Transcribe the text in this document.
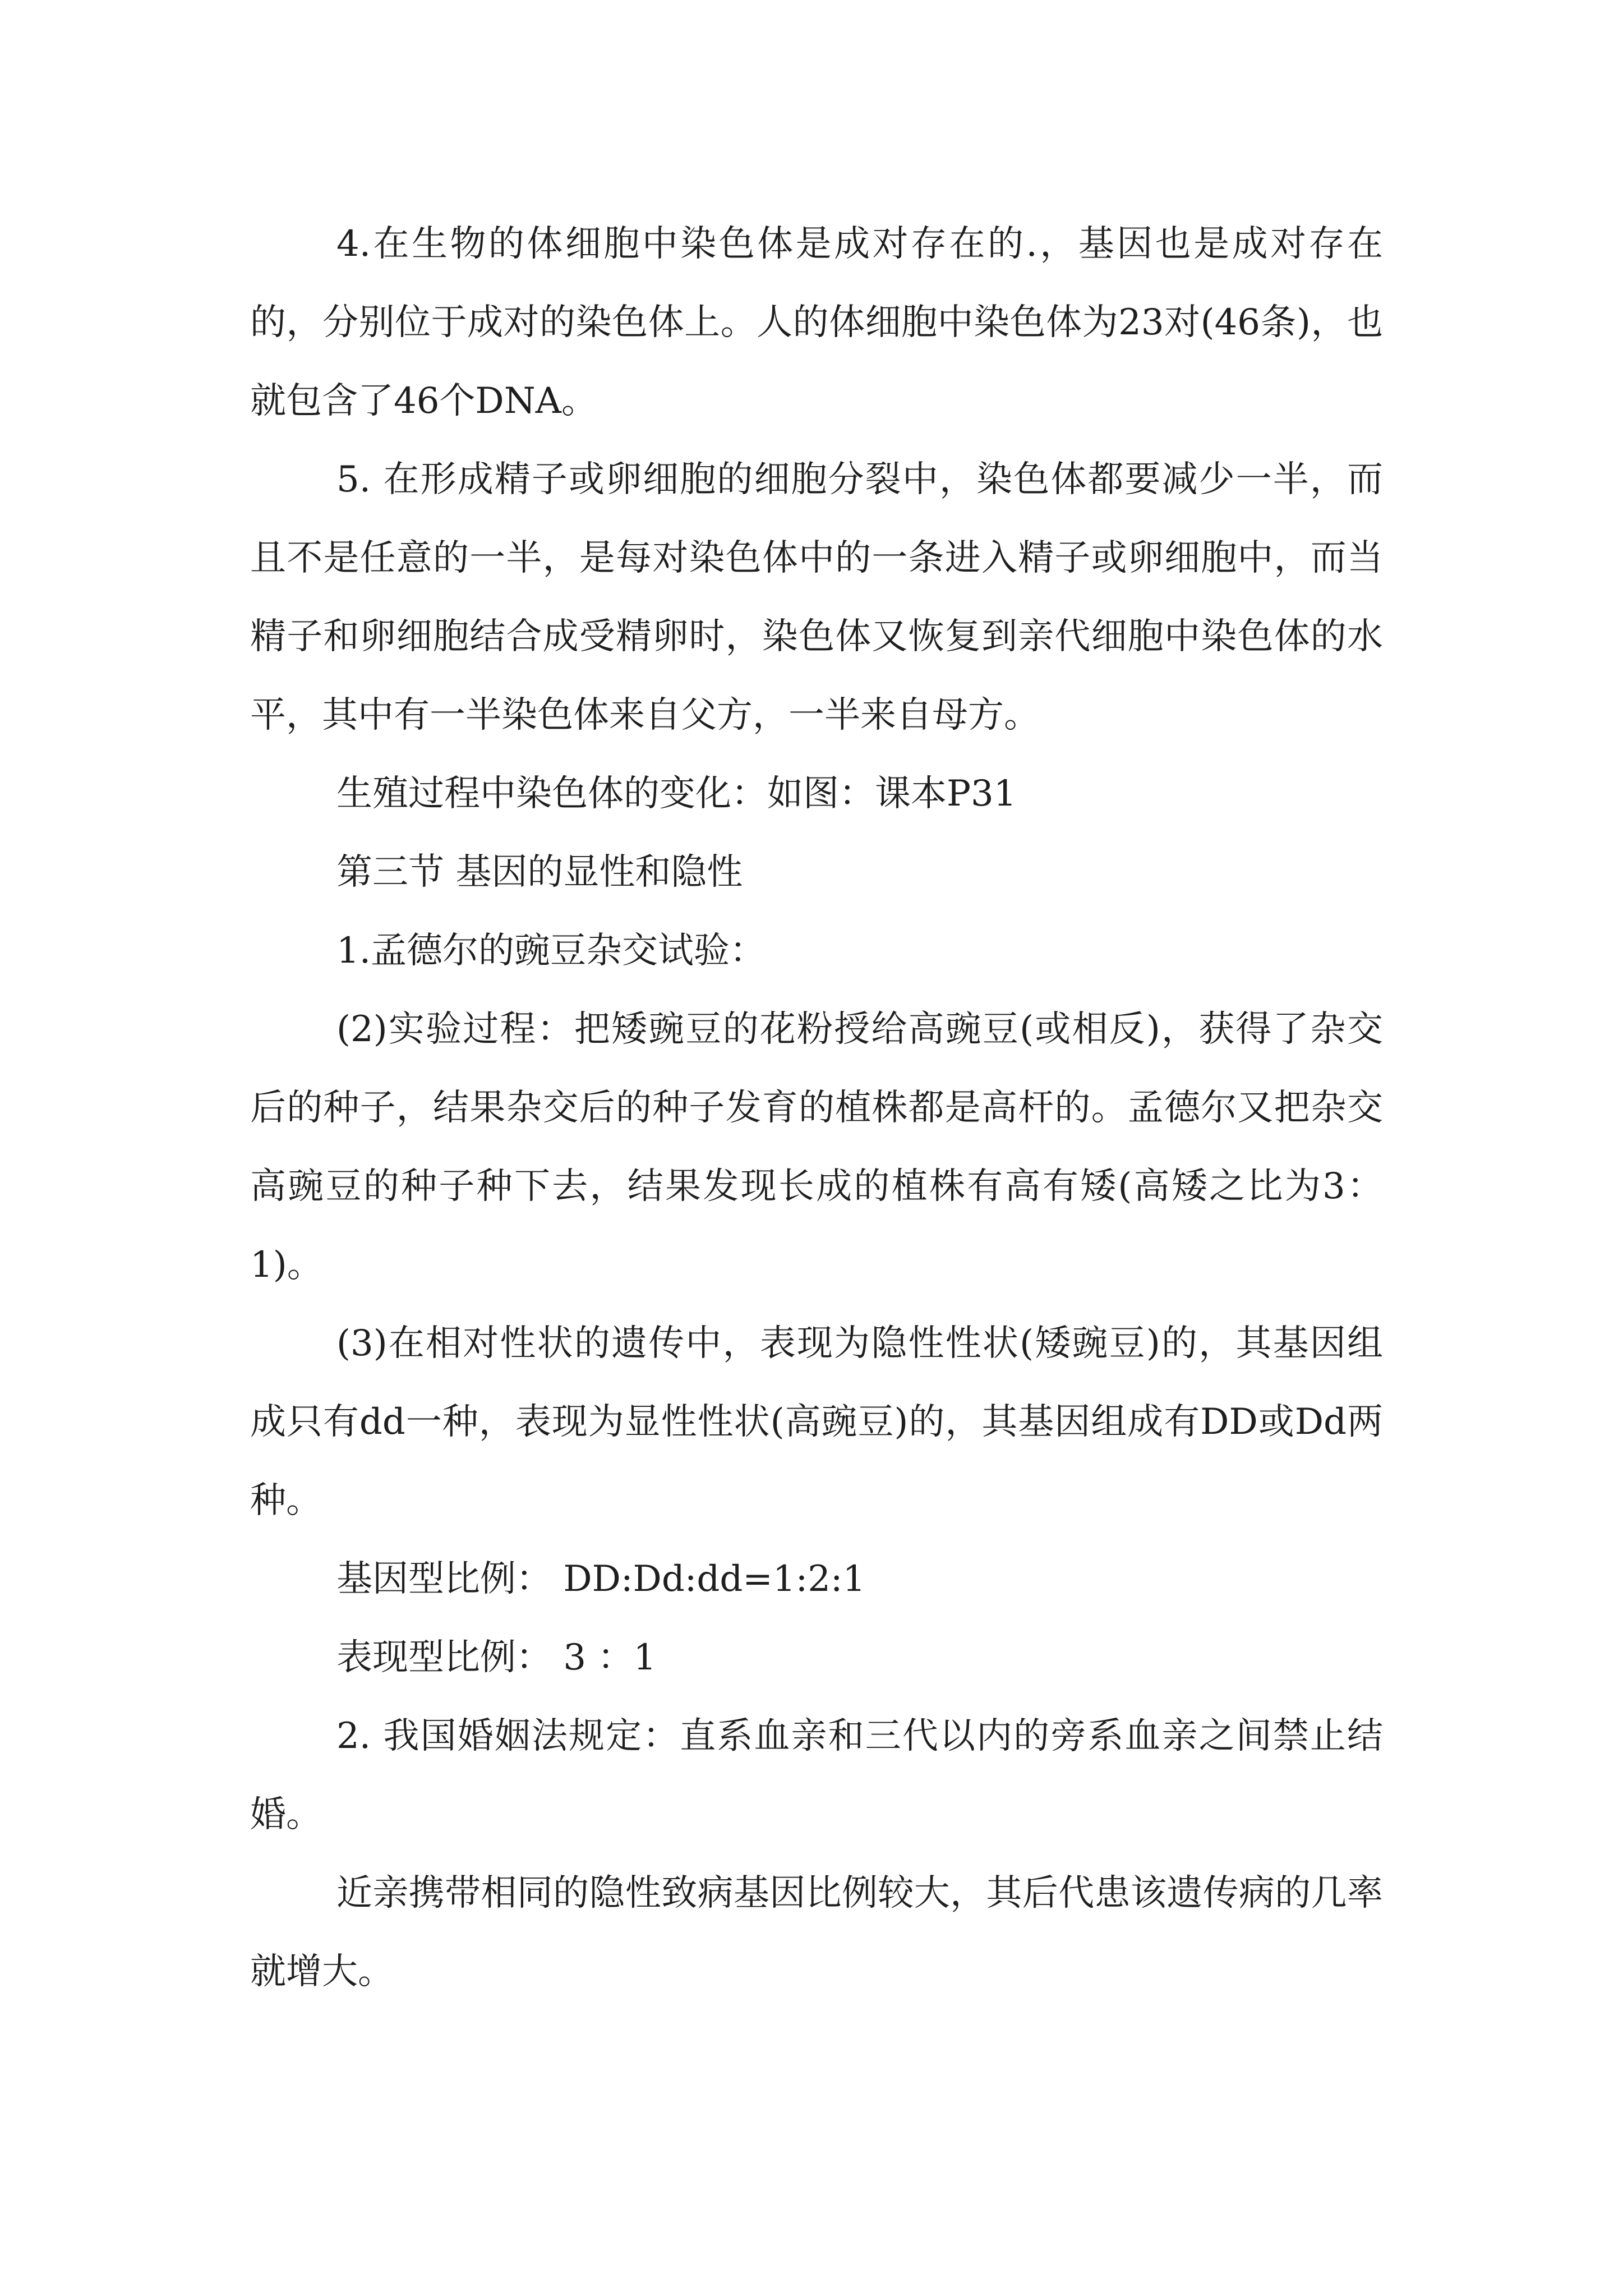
4.在生物的体细胞中染色体是成对存在的.，基因也是成对存在的，分别位于成对的染色体上。人的体细胞中染色体为23对(46条)，也就包含了46个DNA。

5. 在形成精子或卵细胞的细胞分裂中，染色体都要减少一半，而且不是任意的一半，是每对染色体中的一条进入精子或卵细胞中，而当精子和卵细胞结合成受精卵时，染色体又恢复到亲代细胞中染色体的水平，其中有一半染色体来自父方，一半来自母方。

生殖过程中染色体的变化：如图：课本P31

第三节 基因的显性和隐性

1.孟德尔的豌豆杂交试验：

(2)实验过程：把矮豌豆的花粉授给高豌豆(或相反)，获得了杂交后的种子，结果杂交后的种子发育的植株都是高杆的。孟德尔又把杂交高豌豆的种子种下去，结果发现长成的植株有高有矮(高矮之比为3：1)。

(3)在相对性状的遗传中，表现为隐性性状(矮豌豆)的，其基因组成只有dd一种，表现为显性性状(高豌豆)的，其基因组成有DD或Dd两种。

基因型比例： DD:Dd:dd=1:2:1

表现型比例： 3 ：1

2. 我国婚姻法规定：直系血亲和三代以内的旁系血亲之间禁止结婚。

近亲携带相同的隐性致病基因比例较大，其后代患该遗传病的几率就增大。
